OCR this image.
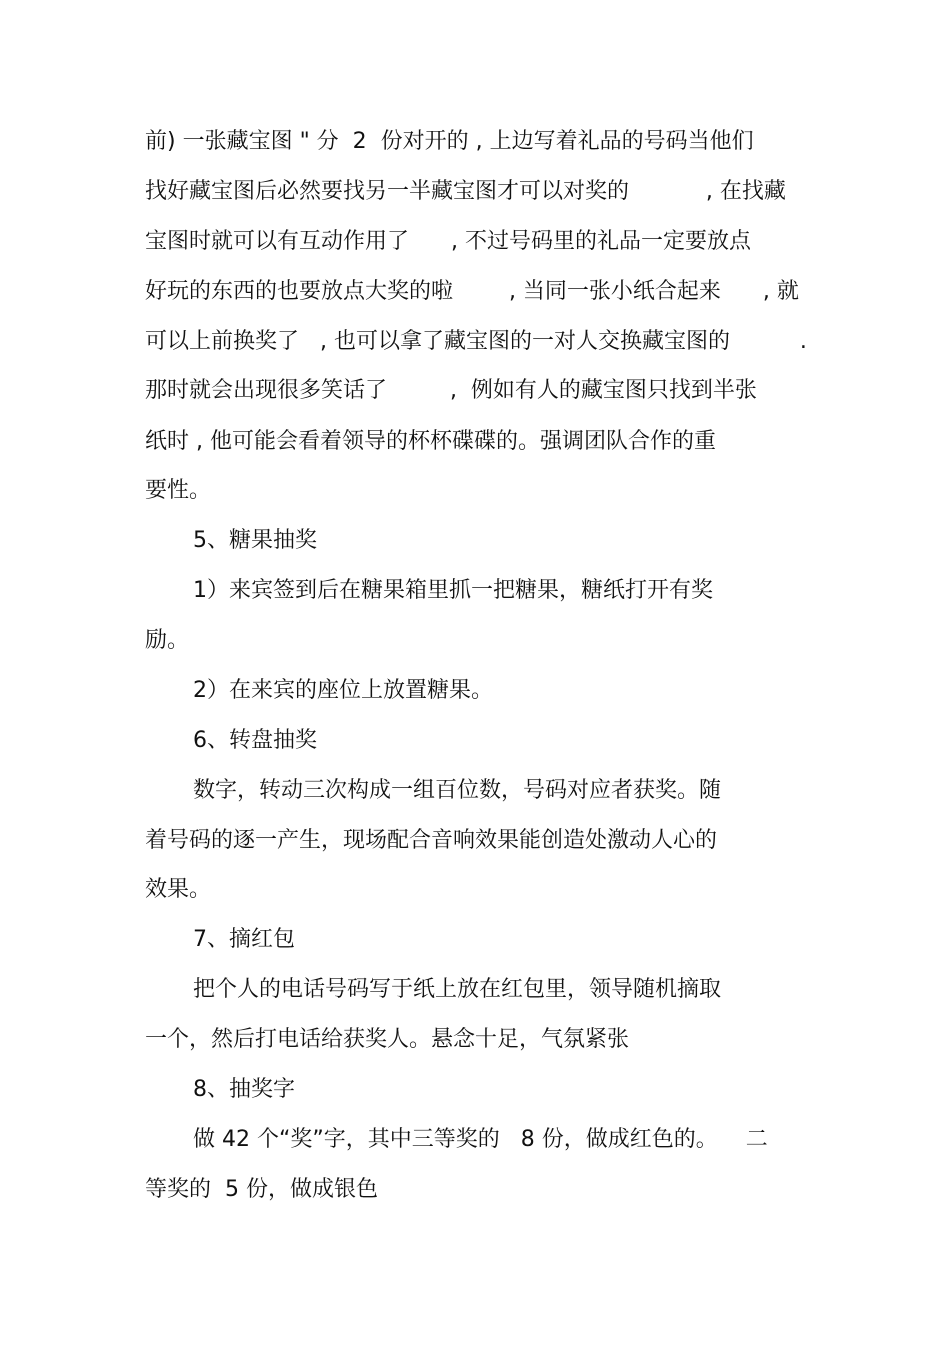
前) 一张藏宝图 " 分  2  份对开的 , 上边写着礼品的号码当他们
找好藏宝图后必然要找另一半藏宝图才可以对奖的           , 在找藏
宝图时就可以有互动作用了      , 不过号码里的礼品一定要放点
好玩的东西的也要放点大奖的啦        , 当同一张小纸合起来      , 就
可以上前换奖了   , 也可以拿了藏宝图的一对人交换藏宝图的          .
那时就会出现很多笑话了         ,  例如有人的藏宝图只找到半张
纸时 , 他可能会看着领导的杯杯碟碟的。强调团队合作的重
要性。
5、糖果抽奖
1）来宾签到后在糖果箱里抓一把糖果，糖纸打开有奖
励。
2）在来宾的座位上放置糖果。
6、转盘抽奖
数字，转动三次构成一组百位数，号码对应者获奖。随
着号码的逐一产生，现场配合音响效果能创造处激动人心的
效果。
7、摘红包
把个人的电话号码写于纸上放在红包里，领导随机摘取
一个，然后打电话给获奖人。悬念十足，气氛紧张
8、抽奖字
做 42 个“奖”字，其中三等奖的   8 份，做成红色的。    二
等奖的  5 份，做成银色
